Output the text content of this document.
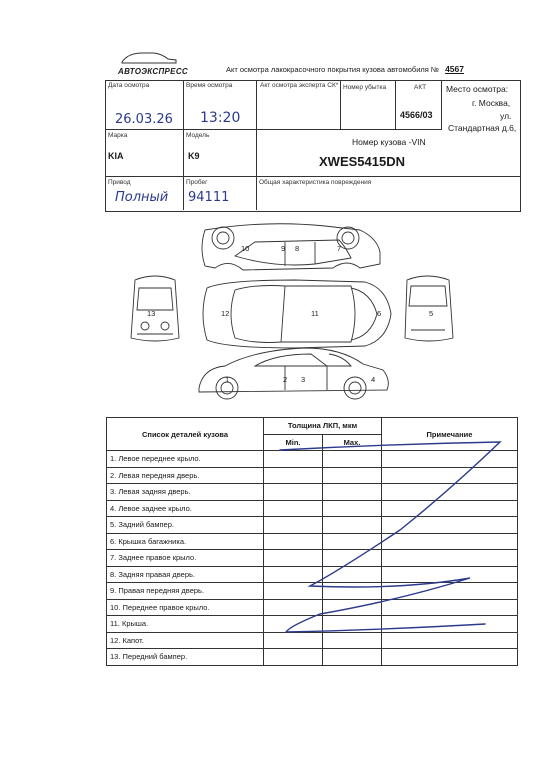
АВТОЭКСПРЕСС	Акт осмотра лакокрасочного покрытия кузова автомобиля № 4567
Дата осмотра
26.03.26
Время осмотра
13:20
Акт осмотра эксперта СК* Номер убытка	АКТ
4566/03
Место осмотра:
г. Москва,
ул.
Стандартная д.6,
Марка
KIA
Модель
K9
Номер кузова -VIN
XWES5415DN
Привод
Полный
Пробег
94111
Общая характеристика повреждения
10	9 8	7
13	12	11	6	5
1	2 3	4
Список деталей кузова	Толщина ЛКП, мкм		Примечание
	Min.	Max.	
1. Левое переднее крыло.			
2. Левая передняя дверь.			
3. Левая задняя дверь.			
4. Левое заднее крыло.			
5. Задний бампер.			
6. Крышка багажника.			
7. Заднее правое крыло.			
8. Задняя правая дверь.			
9. Правая передняя дверь.			
10. Переднее правое крыло.			
11. Крыша.			
12. Капот.			
13. Передний бампер.			
